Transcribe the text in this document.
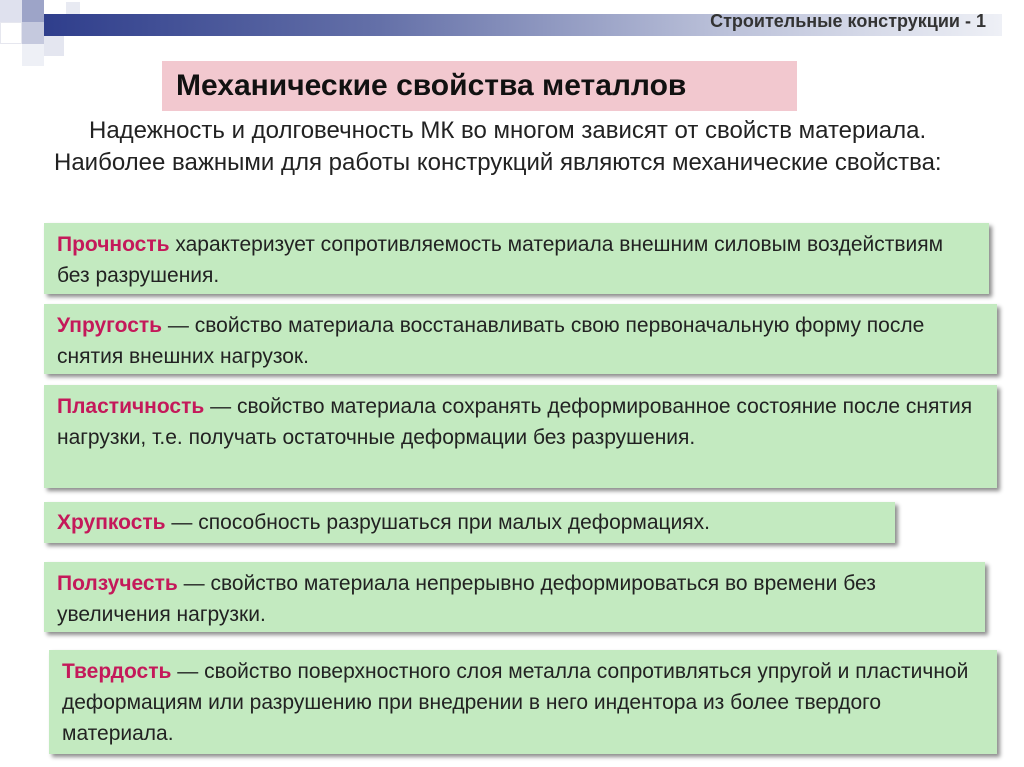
Строительные конструкции - 1
Механические свойства металлов
Надежность и долговечность МК во многом зависят от свойств материала. Наиболее важными для работы конструкций являются механические свойства:
Прочность характеризует сопротивляемость материала внешним силовым воздействиям без разрушения.
Упругость — свойство материала восстанавливать свою первоначальную форму после снятия внешних нагрузок.
Пластичность — свойство материала сохранять деформированное состояние после снятия нагрузки, т.е. получать остаточные деформации без разрушения.
Хрупкость — способность разрушаться при малых деформациях.
Ползучесть — свойство материала непрерывно деформироваться во времени без увеличения нагрузки.
Твердость — свойство поверхностного слоя металла сопротивляться упругой и пластичной деформациям или разрушению при внедрении в него индентора из более твердого материала.
